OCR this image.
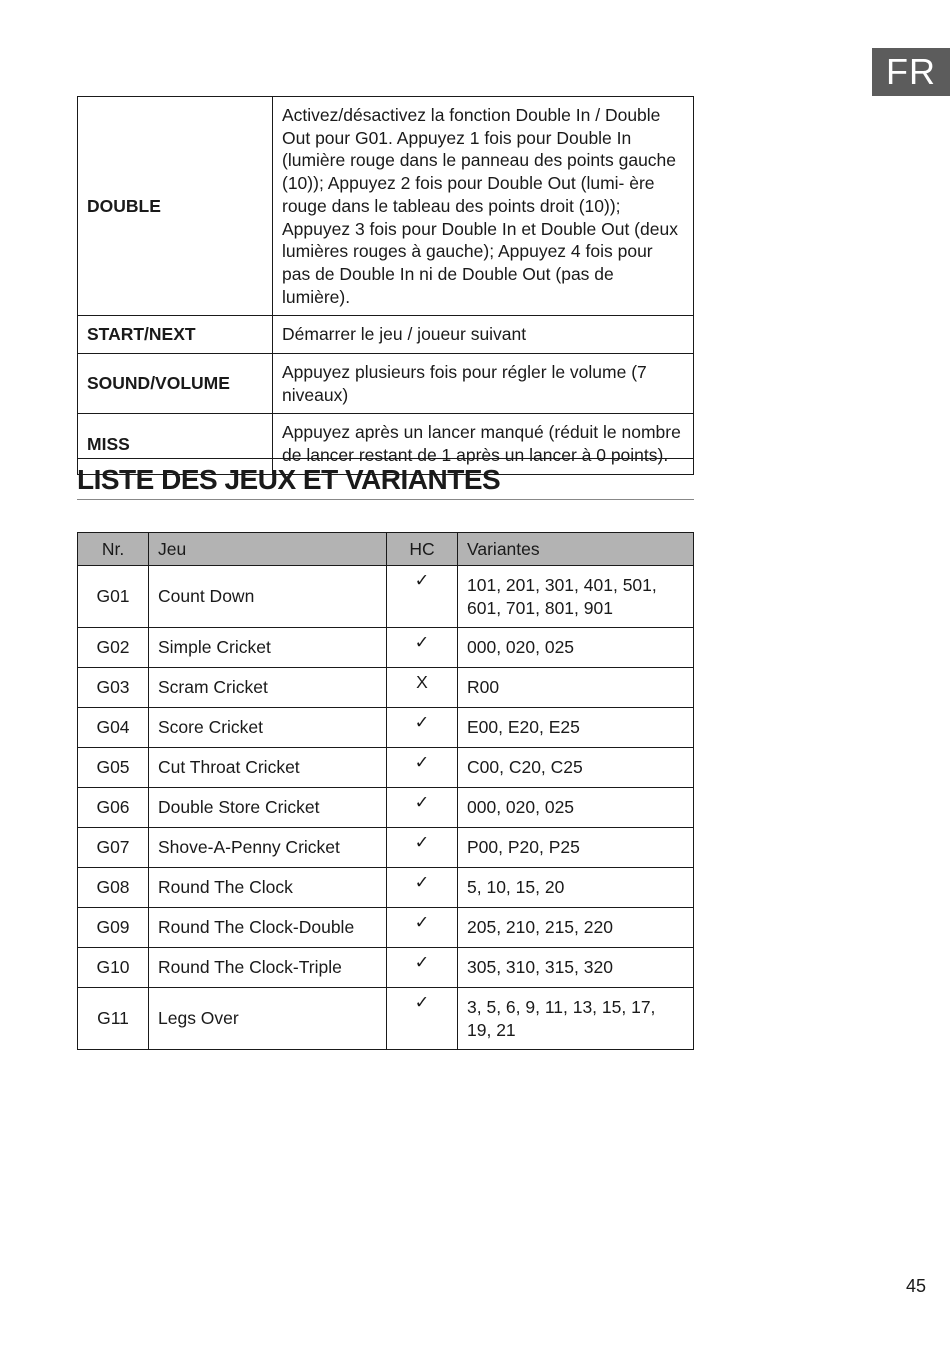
FR
DOUBLE	Activez/désactivez la fonction Double In / Double Out pour G01. Appuyez 1 fois pour Double In (lumière rouge dans le panneau des points gauche (10)); Appuyez 2 fois pour Double Out (lumi- ère rouge dans le tableau des points droit (10)); Appuyez 3 fois pour Double In et Double Out (deux lumières rouges à gauche); Appuyez 4 fois pour pas de Double In ni de Double Out (pas de lumière).
START/NEXT	Démarrer le jeu / joueur suivant
SOUND/VOLUME	Appuyez plusieurs fois pour régler le volume (7 niveaux)
MISS	Appuyez après un lancer manqué (réduit le nombre de lancer restant de 1 après un lancer à 0 points).
LISTE DES JEUX ET VARIANTES
Nr.	Jeu	HC	Variantes
G01	Count Down	✓	101, 201, 301, 401, 501, 601, 701, 801, 901
G02	Simple Cricket	✓	000, 020, 025
G03	Scram Cricket	X	R00
G04	Score Cricket	✓	E00, E20, E25
G05	Cut Throat Cricket	✓	C00, C20, C25
G06	Double Store Cricket	✓	000, 020, 025
G07	Shove-A-Penny Cricket	✓	P00, P20, P25
G08	Round The Clock	✓	5, 10, 15, 20
G09	Round The Clock-Double	✓	205, 210, 215, 220
G10	Round The Clock-Triple	✓	305, 310, 315, 320
G11	Legs Over	✓	3, 5, 6, 9, 11, 13, 15, 17, 19, 21
45
